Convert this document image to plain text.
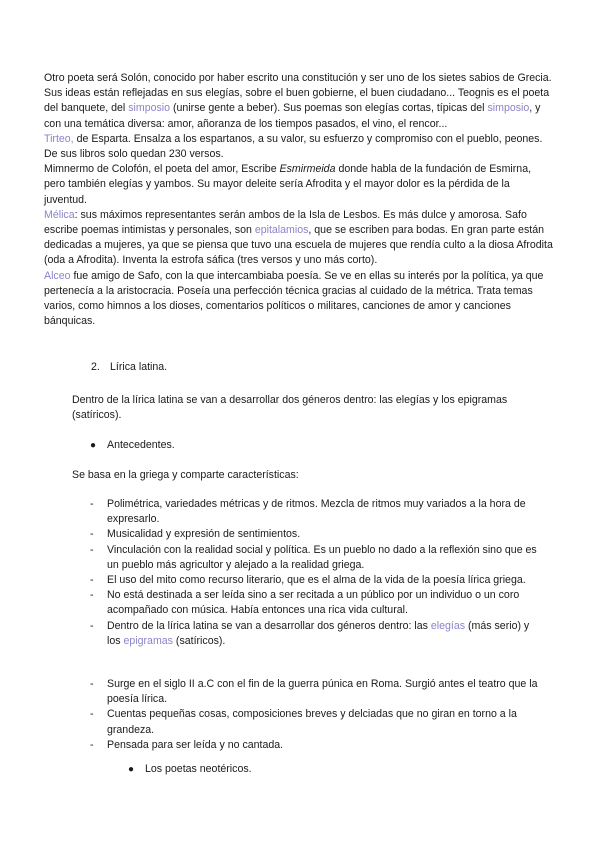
Otro poeta será Solón, conocido por haber escrito una constitución y ser uno de los sietes sabios de Grecia. Sus ideas están reflejadas en sus elegías, sobre el buen gobierne, el buen ciudadano... Teognis es el poeta del banquete, del simposio (unirse gente a beber). Sus poemas son elegías cortas, típicas del simposio, y con una temática diversa: amor, añoranza de los tiempos pasados, el vino, el rencor...

Tirteo, de Esparta. Ensalza a los espartanos, a su valor, su esfuerzo y compromiso con el pueblo, peones. De sus libros solo quedan 230 versos.

Mimnermo de Colofón, el poeta del amor, Escribe Esmirmeida donde habla de la fundación de Esmirna, pero también elegías y yambos. Su mayor deleite sería Afrodita y el mayor dolor es la pérdida de la juventud.

Mélica: sus máximos representantes serán ambos de la Isla de Lesbos. Es más dulce y amorosa. Safo escribe poemas intimistas y personales, son epitalamios, que se escriben para bodas. En gran parte están dedicadas a mujeres, ya que se piensa que tuvo una escuela de mujeres que rendía culto a la diosa Afrodita (oda a Afrodita). Inventa la estrofa sáfica (tres versos y uno más corto).

Alceo fue amigo de Safo, con la que intercambiaba poesía. Se ve en ellas su interés por la política, ya que pertenecía a la aristocracia. Poseía una perfección técnica gracias al cuidado de la métrica. Trata temas varios, como himnos a los dioses, comentarios políticos o militares, canciones de amor y canciones bánquicas.

2. Lírica latina.

Dentro de la lírica latina se van a desarrollar dos géneros dentro: las elegías y los epigramas (satíricos).

● Antecedentes.

Se basa en la griega y comparte características:

- Polimétrica, variedades métricas y de ritmos. Mezcla de ritmos muy variados a la hora de expresarlo.
- Musicalidad y expresión de sentimientos.
- Vinculación con la realidad social y política. Es un pueblo no dado a la reflexión sino que es un pueblo más agricultor y alejado a la realidad griega.
- El uso del mito como recurso literario, que es el alma de la vida de la poesía lírica griega.
- No está destinada a ser leída sino a ser recitada a un público por un individuo o un coro acompañado con música. Había entonces una rica vida cultural.
- Dentro de la lírica latina se van a desarrollar dos géneros dentro: las elegías (más serio) y los epigramas (satíricos).
- Surge en el siglo II a.C con el fin de la guerra púnica en Roma. Surgió antes el teatro que la poesía lírica.
- Cuentas pequeñas cosas, composiciones breves y delciadas que no giran en torno a la grandeza.
- Pensada para ser leída y no cantada.
● Los poetas neotéricos.
